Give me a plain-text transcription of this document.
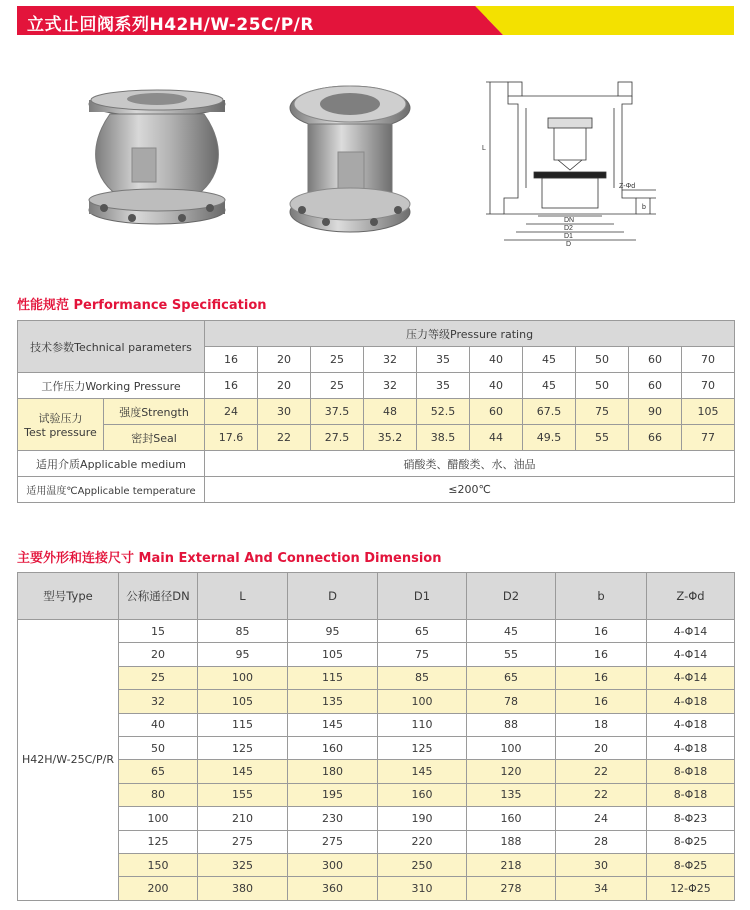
立式止回阀系列H42H/W-25C/P/R
L
Z-Φd
b
DN
D2
D1
D
性能规范 Performance Specification
技术参数Technical parameters		压力等级Pressure rating									
		16	20	25	32	35	40	45	50	60	70
工作压力Working Pressure		16	20	25	32	35	40	45	50	60	70

试验压力
Test pressure	强度Strength	24	30	37.5	48	52.5	60	67.5	75	90	105
	密封Seal	17.6	22	27.5	35.2	38.5	44	49.5	55	66	77
适用介质Applicable medium		硝酸类、醋酸类、水、油品									
适用温度℃Applicable temperature		≤200℃									
主要外形和连接尺寸 Main External And Connection Dimension
型号Type	公称通径DN	L	D	D1	D2	b	Z-Φd
H42H/W-25C/P/R	15	85	95	65	45	16	4-Φ14
	20	95	105	75	55	16	4-Φ14
	25	100	115	85	65	16	4-Φ14
	32	105	135	100	78	16	4-Φ18
	40	115	145	110	88	18	4-Φ18
	50	125	160	125	100	20	4-Φ18
	65	145	180	145	120	22	8-Φ18
	80	155	195	160	135	22	8-Φ18
	100	210	230	190	160	24	8-Φ23
	125	275	275	220	188	28	8-Φ25
	150	325	300	250	218	30	8-Φ25
	200	380	360	310	278	34	12-Φ25
